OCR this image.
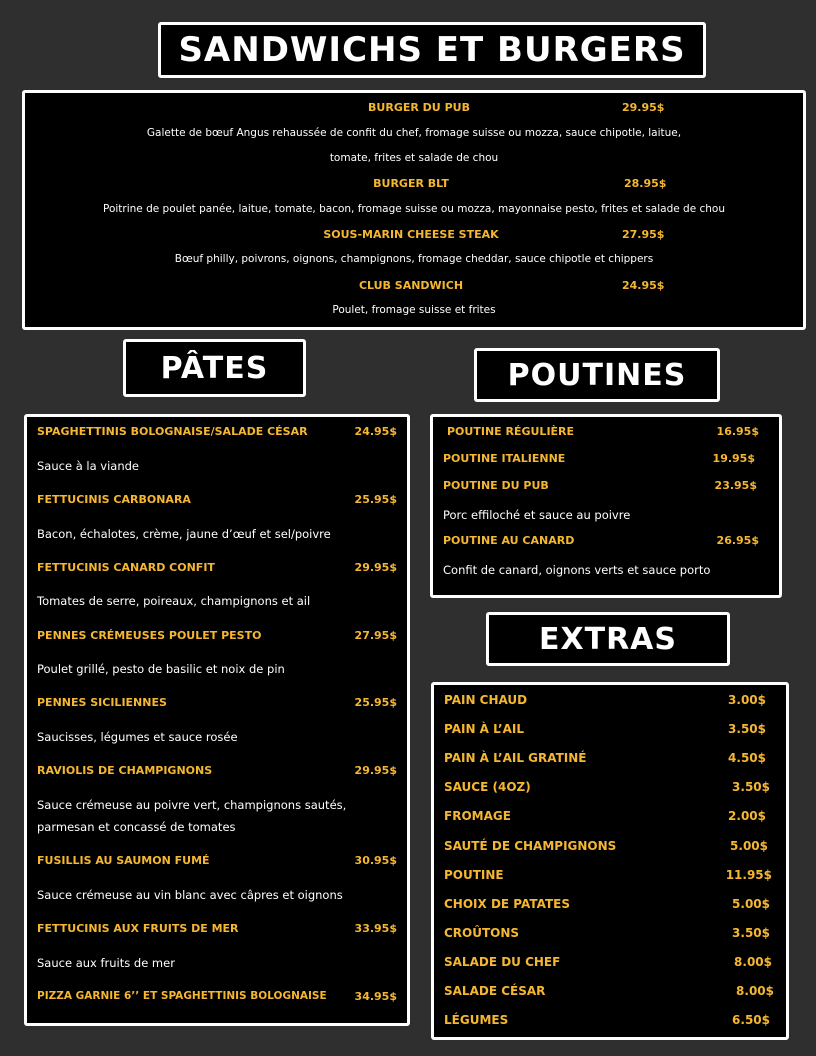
SANDWICHS ET BURGERS
BURGER DU PUB	29.95$
Galette de bœuf Angus rehaussée de confit du chef, fromage suisse ou mozza, sauce chipotle, laitue,
tomate, frites et salade de chou
BURGER BLT	28.95$
Poitrine de poulet panée, laitue, tomate, bacon, fromage suisse ou mozza, mayonnaise pesto, frites et salade de chou
SOUS-MARIN CHEESE STEAK	27.95$
Bœuf philly, poivrons, oignons, champignons, fromage cheddar, sauce chipotle et chippers
CLUB SANDWICH	24.95$
Poulet, fromage suisse et frites
PÂTES
SPAGHETTINIS BOLOGNAISE/SALADE CÉSAR	24.95$
Sauce à la viande
FETTUCINIS CARBONARA	25.95$
Bacon, échalotes, crème, jaune d’œuf et sel/poivre
FETTUCINIS CANARD CONFIT	29.95$
Tomates de serre, poireaux, champignons et ail
PENNES CRÉMEUSES POULET PESTO	27.95$
Poulet grillé, pesto de basilic et noix de pin
PENNES SICILIENNES	25.95$
Saucisses, légumes et sauce rosée
RAVIOLIS DE CHAMPIGNONS	29.95$
Sauce crémeuse au poivre vert, champignons sautés,
parmesan et concassé de tomates
FUSILLIS AU SAUMON FUMÉ	30.95$
Sauce crémeuse au vin blanc avec câpres et oignons
FETTUCINIS AUX FRUITS DE MER	33.95$
Sauce aux fruits de mer
PIZZA GARNIE 6’’ ET SPAGHETTINIS BOLOGNAISE	34.95$
POUTINES
POUTINE RÉGULIÈRE	16.95$
POUTINE ITALIENNE	19.95$
POUTINE DU PUB	23.95$
Porc effiloché et sauce au poivre
POUTINE AU CANARD	26.95$
Confit de canard, oignons verts et sauce porto
EXTRAS
PAIN CHAUD	3.00$
PAIN À L’AIL	3.50$
PAIN À L’AIL GRATINÉ	4.50$
SAUCE (4OZ)	3.50$
FROMAGE	2.00$
SAUTÉ DE CHAMPIGNONS	5.00$
POUTINE	11.95$
CHOIX DE PATATES	5.00$
CROÛTONS	3.50$
SALADE DU CHEF	8.00$
SALADE CÉSAR	8.00$
LÉGUMES	6.50$
